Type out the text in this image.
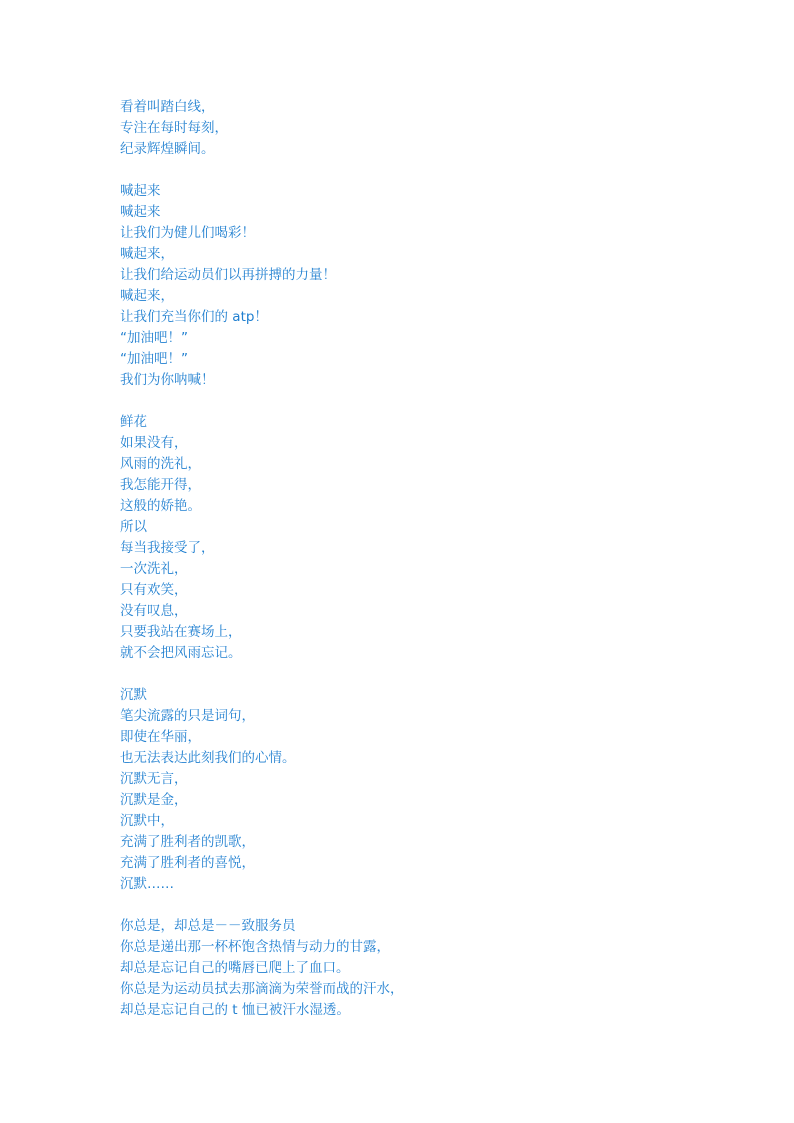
看着叫踏白线，
专注在每时每刻，
纪录辉煌瞬间。
喊起来
喊起来
让我们为健儿们喝彩！
喊起来，
让我们给运动员们以再拼搏的力量！
喊起来，
让我们充当你们的 atp！
“加油吧！”
“加油吧！”
我们为你呐喊！
鲜花
如果没有，
风雨的洗礼，
我怎能开得，
这般的娇艳。
所以
每当我接受了，
一次洗礼，
只有欢笑，
没有叹息，
只要我站在赛场上，
就不会把风雨忘记。
沉默
笔尖流露的只是词句，
即使在华丽，
也无法表达此刻我们的心情。
沉默无言，
沉默是金，
沉默中，
充满了胜利者的凯歌，
充满了胜利者的喜悦，
沉默……
你总是，却总是－－致服务员
你总是递出那一杯杯饱含热情与动力的甘露，
却总是忘记自己的嘴唇已爬上了血口。
你总是为运动员拭去那滴滴为荣誉而战的汗水，
却总是忘记自己的 t 恤已被汗水湿透。
